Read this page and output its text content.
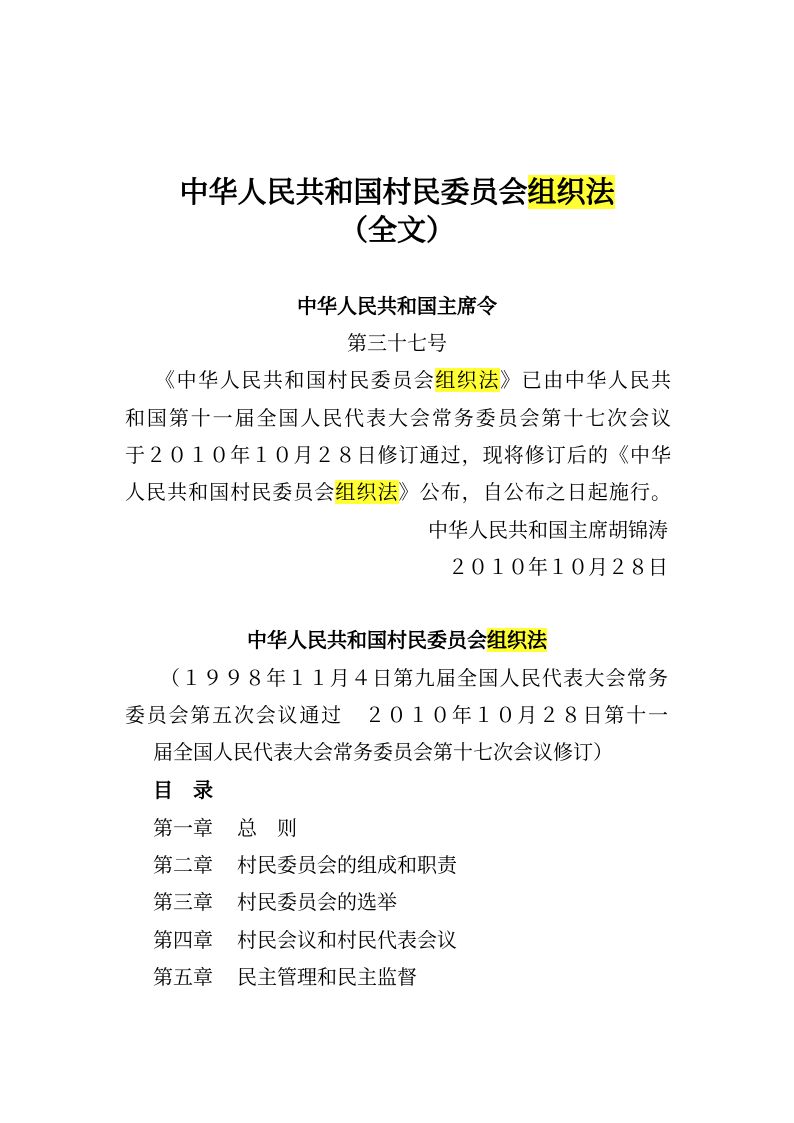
中华人民共和国村民委员会组织法
（全文）
中华人民共和国主席令
第三十七号
《中华人民共和国村民委员会组织法》已由中华人民共
和国第十一届全国人民代表大会常务委员会第十七次会议
于２０１０年１０月２８日修订通过，现将修订后的《中华
人民共和国村民委员会组织法》公布，自公布之日起施行。
中华人民共和国主席胡锦涛
２０１０年１０月２８日
中华人民共和国村民委员会组织法
（１９９８年１１月４日第九届全国人民代表大会常务
委员会第五次会议通过　２０１０年１０月２８日第十一
届全国人民代表大会常务委员会第十七次会议修订）
目　录
第一章 总　则
第二章 村民委员会的组成和职责
第三章 村民委员会的选举
第四章 村民会议和村民代表会议
第五章 民主管理和民主监督
